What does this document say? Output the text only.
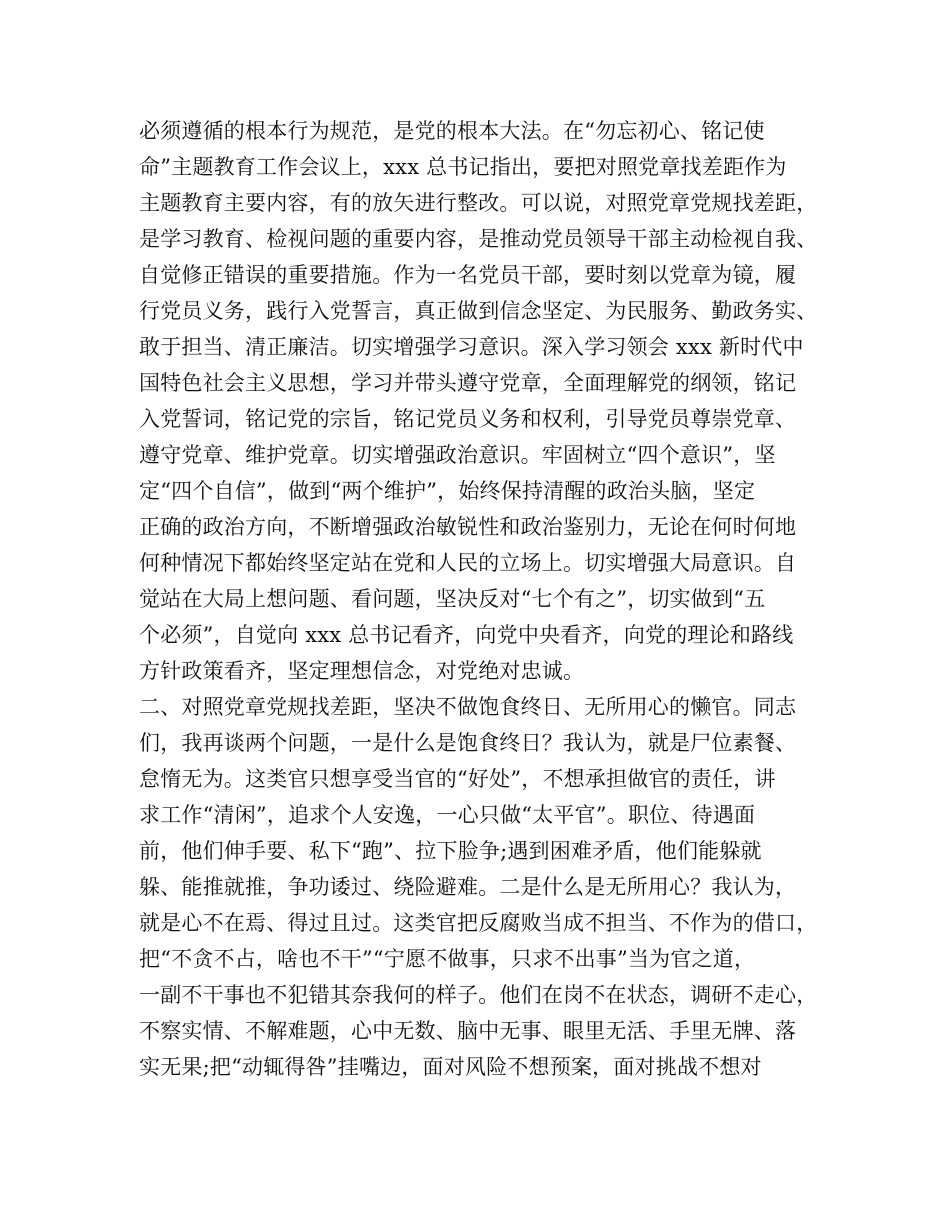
必须遵循的根本行为规范，是党的根本大法。在“勿忘初心、铭记使
命”主题教育工作会议上，xxx 总书记指出，要把对照党章找差距作为
主题教育主要内容，有的放矢进行整改。可以说，对照党章党规找差距，
是学习教育、检视问题的重要内容，是推动党员领导干部主动检视自我、
自觉修正错误的重要措施。作为一名党员干部，要时刻以党章为镜，履
行党员义务，践行入党誓言，真正做到信念坚定、为民服务、勤政务实、
敢于担当、清正廉洁。切实增强学习意识。深入学习领会 xxx 新时代中
国特色社会主义思想，学习并带头遵守党章，全面理解党的纲领，铭记
入党誓词，铭记党的宗旨，铭记党员义务和权利，引导党员尊崇党章、
遵守党章、维护党章。切实增强政治意识。牢固树立“四个意识”，坚
定“四个自信”，做到“两个维护”，始终保持清醒的政治头脑，坚定
正确的政治方向，不断增强政治敏锐性和政治鉴别力，无论在何时何地
何种情况下都始终坚定站在党和人民的立场上。切实增强大局意识。自
觉站在大局上想问题、看问题，坚决反对“七个有之”，切实做到“五
个必须”，自觉向 xxx 总书记看齐，向党中央看齐，向党的理论和路线
方针政策看齐，坚定理想信念，对党绝对忠诚。
二、对照党章党规找差距，坚决不做饱食终日、无所用心的懒官。同志
们，我再谈两个问题，一是什么是饱食终日？我认为，就是尸位素餐、
怠惰无为。这类官只想享受当官的“好处”，不想承担做官的责任，讲
求工作“清闲”，追求个人安逸，一心只做“太平官”。职位、待遇面
前，他们伸手要、私下“跑”、拉下脸争;遇到困难矛盾，他们能躲就
躲、能推就推，争功诿过、绕险避难。二是什么是无所用心？我认为，
就是心不在焉、得过且过。这类官把反腐败当成不担当、不作为的借口，
把“不贪不占，啥也不干”“宁愿不做事，只求不出事”当为官之道，
一副不干事也不犯错其奈我何的样子。他们在岗不在状态，调研不走心，
不察实情、不解难题，心中无数、脑中无事、眼里无活、手里无牌、落
实无果;把“动辄得咎”挂嘴边，面对风险不想预案，面对挑战不想对
